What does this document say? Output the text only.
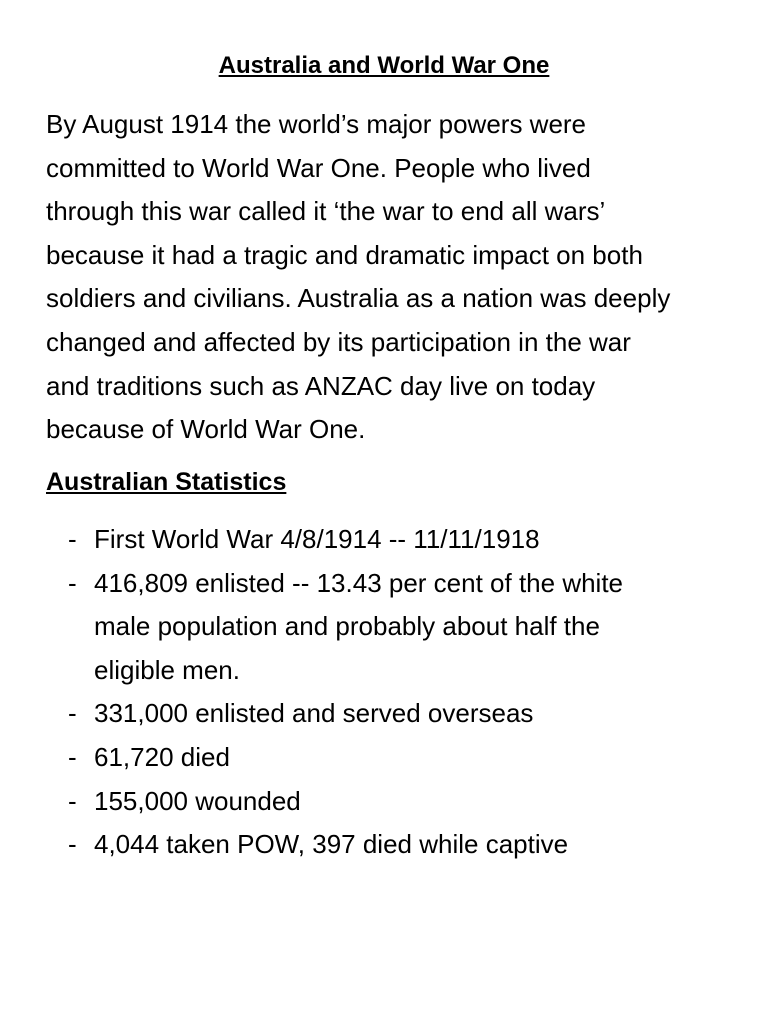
Australia and World War One

By August 1914 the world’s major powers were
committed to World War One. People who lived
through this war called it ‘the war to end all wars’
because it had a tragic and dramatic impact on both
soldiers and civilians. Australia as a nation was deeply
changed and affected by its participation in the war
and traditions such as ANZAC day live on today
because of World War One.

Australian Statistics
- First World War 4/8/1914 -- 11/11/1918
- 416,809 enlisted -- 13.43 per cent of the white
male population and probably about half the
eligible men.
- 331,000 enlisted and served overseas
- 61,720 died
- 155,000 wounded
- 4,044 taken POW, 397 died while captive
